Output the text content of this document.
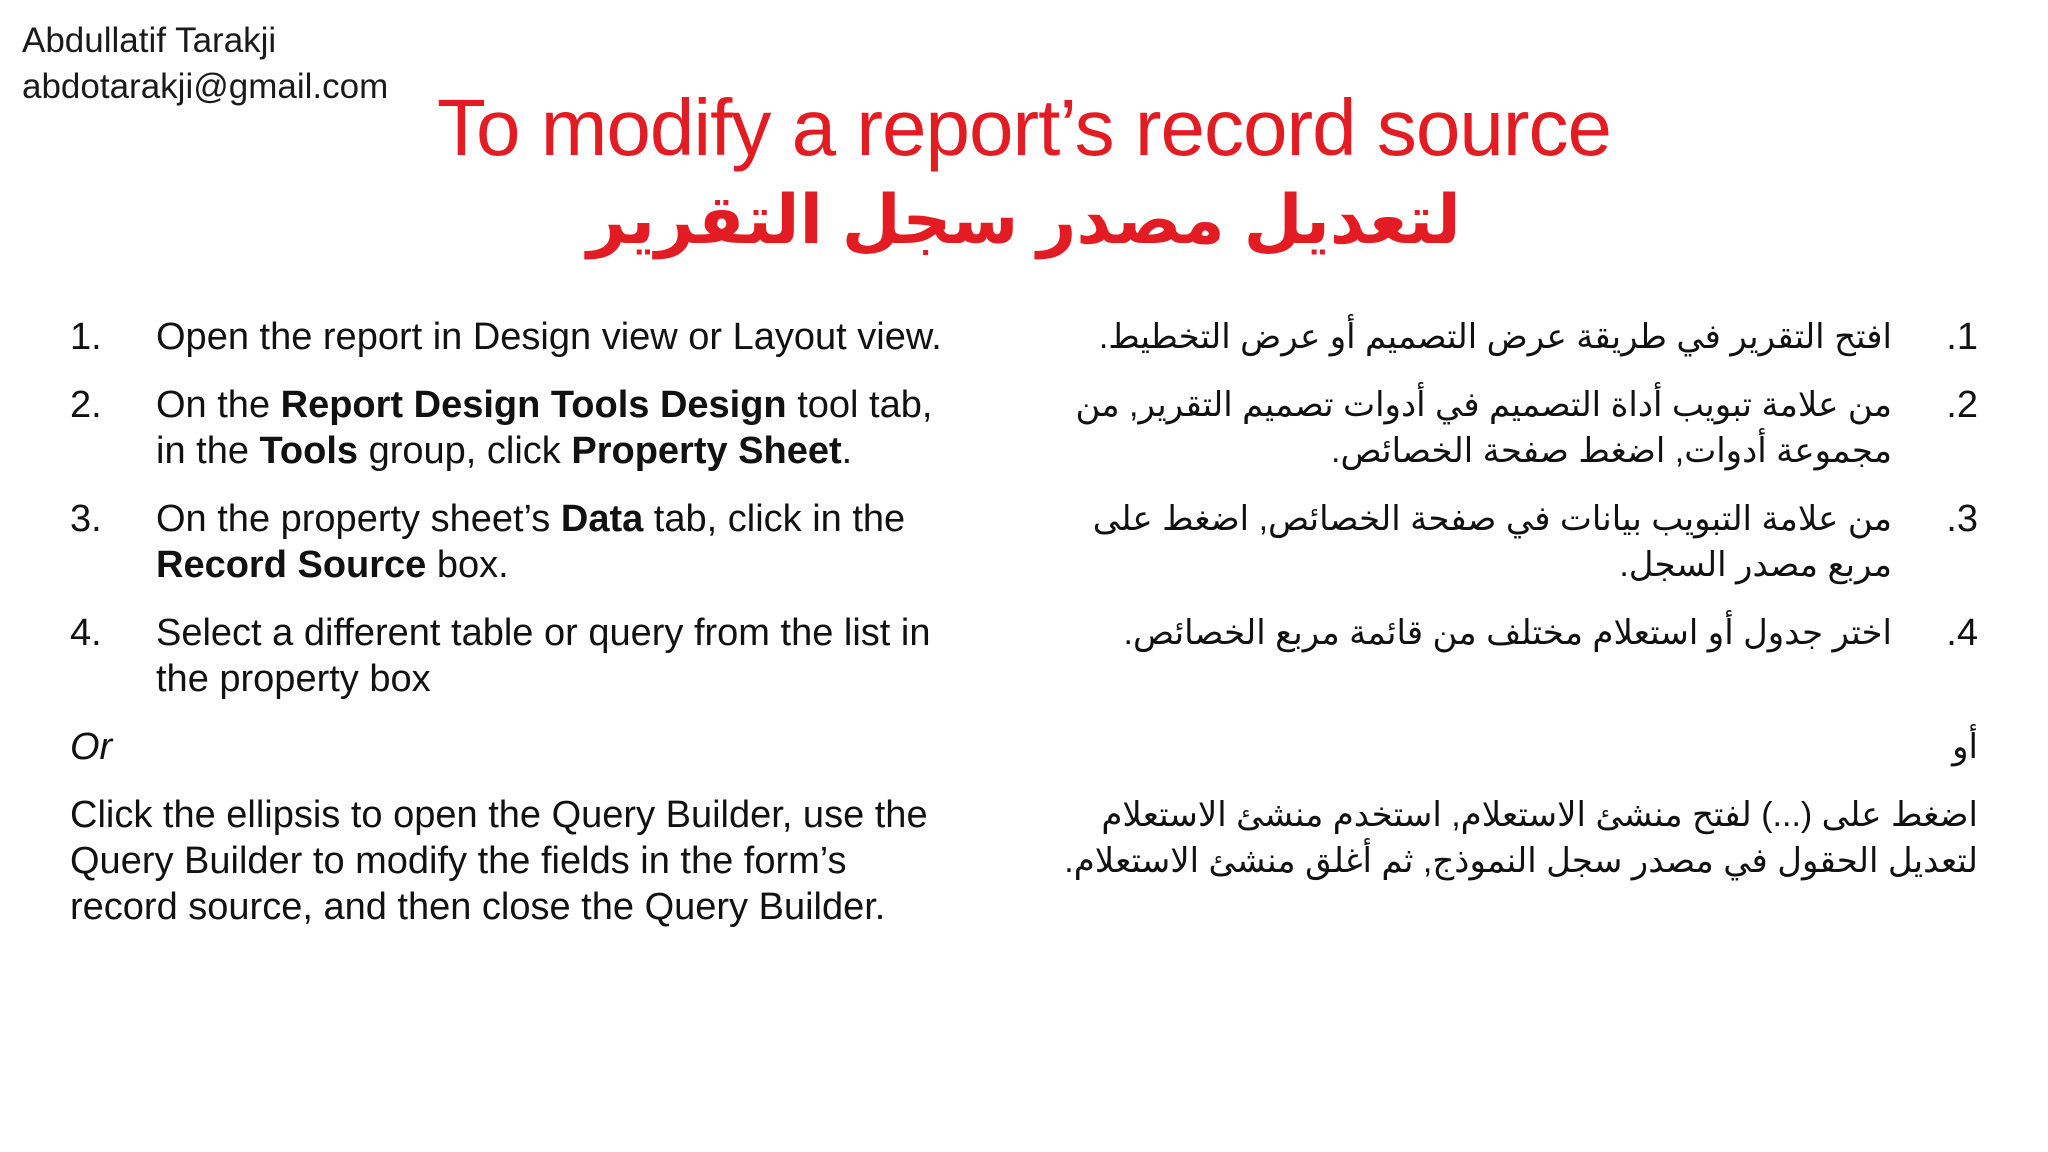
Abdullatif Tarakji
abdotarakji@gmail.com To modify a report’s record source
لتعديل مصدر سجل التقرير
1. Open the report in Design view or Layout view.
2. On the Report Design Tools Design tool tab,
in the Tools group, click Property Sheet.
3. On the property sheet’s Data tab, click in the
Record Source box.
4. Select a different table or query from the list in
the property box
Or
Click the ellipsis to open the Query Builder, use the
Query Builder to modify the fields in the form’s
record source, and then close the Query Builder.
.1
افتح التقرير في طريقة عرض التصميم أو عرض التخطيط.
.2
من علامة تبويب أداة التصميم في أدوات تصميم التقرير, من
مجموعة أدوات, اضغط صفحة الخصائص.
.3
من علامة التبويب بيانات في صفحة الخصائص, اضغط على
مربع مصدر السجل.
.4
اختر جدول أو استعلام مختلف من قائمة مربع الخصائص.
أو
اضغط على (...) لفتح منشئ الاستعلام, استخدم منشئ الاستعلام
لتعديل الحقول في مصدر سجل النموذج, ثم أغلق منشئ الاستعلام.
